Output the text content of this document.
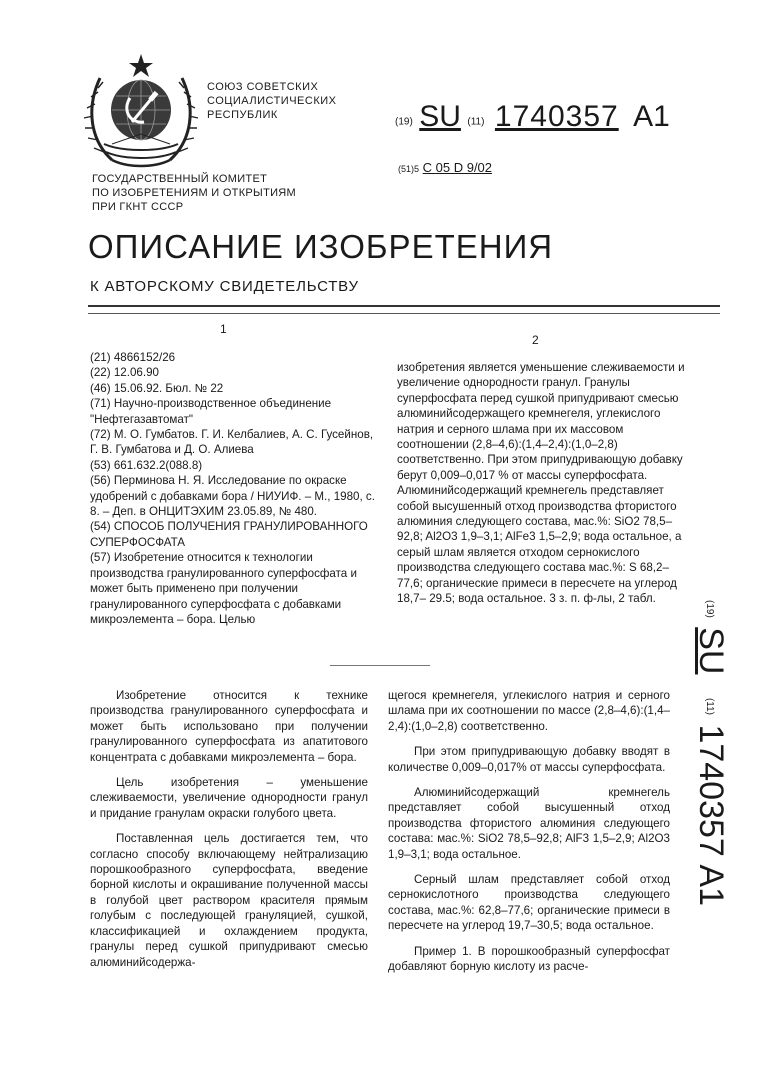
СОЮЗ СОВЕТСКИХ
СОЦИАЛИСТИЧЕСКИХ
РЕСПУБЛИК
(19) SU (11) 1740357 A1
(51)5 C 05 D 9/02
ГОСУДАРСТВЕННЫЙ КОМИТЕТ
ПО ИЗОБРЕТЕНИЯМ И ОТКРЫТИЯМ
ПРИ ГКНТ СССР
ОПИСАНИЕ ИЗОБРЕТЕНИЯ
К АВТОРСКОМУ СВИДЕТЕЛЬСТВУ
1
2

(21) 4866152/26

(22) 12.06.90

(46) 15.06.92. Бюл. № 22

(71) Научно-производственное объединение "Нефтегазавтомат"

(72) М. О. Гумбатов. Г. И. Келбалиев, А. С. Гусейнов, Г. В. Гумбатова и Д. О. Алиева

(53) 661.632.2(088.8)

(56) Перминова Н. Я. Исследование по окраске удобрений с добавками бора / НИУИФ. – М., 1980, с. 8. – Деп. в ОНЦИТЭХИМ 23.05.89, № 480.

(54) СПОСОБ ПОЛУЧЕНИЯ ГРАНУЛИРОВАННОГО СУПЕРФОСФАТА

(57) Изобретение относится к технологии производства гранулированного суперфосфата и может быть применено при получении гранулированного суперфосфата с добавками микроэлемента – бора. Целью

изобретения является уменьшение слеживаемости и увеличение однородности гранул. Гранулы суперфосфата перед сушкой припудривают смесью алюминийсодержащего кремнегеля, углекислого натрия и серного шлама при их массовом соотношении (2,8–4,6):(1,4–2,4):(1,0–2,8) соответственно. При этом припудривающую добавку берут 0,009–0,017 % от массы суперфосфата. Алюминийсодержащий кремнегель представляет собой высушенный отход производства фтористого алюминия следующего состава, мас.%: SiO2 78,5–92,8; Al2O3 1,9–3,1; AlFe3 1,5–2,9; вода остальное, а серый шлам является отходом сернокислого производства следующего состава мас.%: S 68,2–77,6; органические примеси в пересчете на углерод 18,7– 29.5; вода остальное. 3 з. п. ф-лы, 2 табл.

Изобретение относится к технике производства гранулированного суперфосфата и может быть использовано при получении гранулированного суперфосфата из апатитового концентрата с добавками микроэлемента – бора.

Цель изобретения – уменьшение слеживаемости, увеличение однородности гранул и придание гранулам окраски голубого цвета.

Поставленная цель достигается тем, что согласно способу включающему нейтрализацию порошкообразного суперфосфата, введение борной кислоты и окрашивание полученной массы в голубой цвет раствором красителя прямым голубым с последующей грануляцией, сушкой, классификацией и охлаждением продукта, гранулы перед сушкой припудривают смесью алюминийсодержа-

щегося кремнегеля, углекислого натрия и серного шлама при их соотношении по массе (2,8–4,6):(1,4–2,4):(1,0–2,8) соответственно.

При этом припудривающую добавку вводят в количестве 0,009–0,017% от массы суперфосфата.

Алюминийсодержащий кремнегель представляет собой высушенный отход производства фтористого алюминия следующего состава: мас.%: SiO2 78,5–92,8; AlF3 1,5–2,9; Al2O3 1,9–3,1; вода остальное.

Серный шлам представляет собой отход сернокислотного производства следующего состава, мас.%: 62,8–77,6; органические примеси в пересчете на углерод 19,7–30,5; вода остальное.

Пример 1. В порошкообразный суперфосфат добавляют борную кислоту из расче-

(19) SU (11) 1740357 A1
